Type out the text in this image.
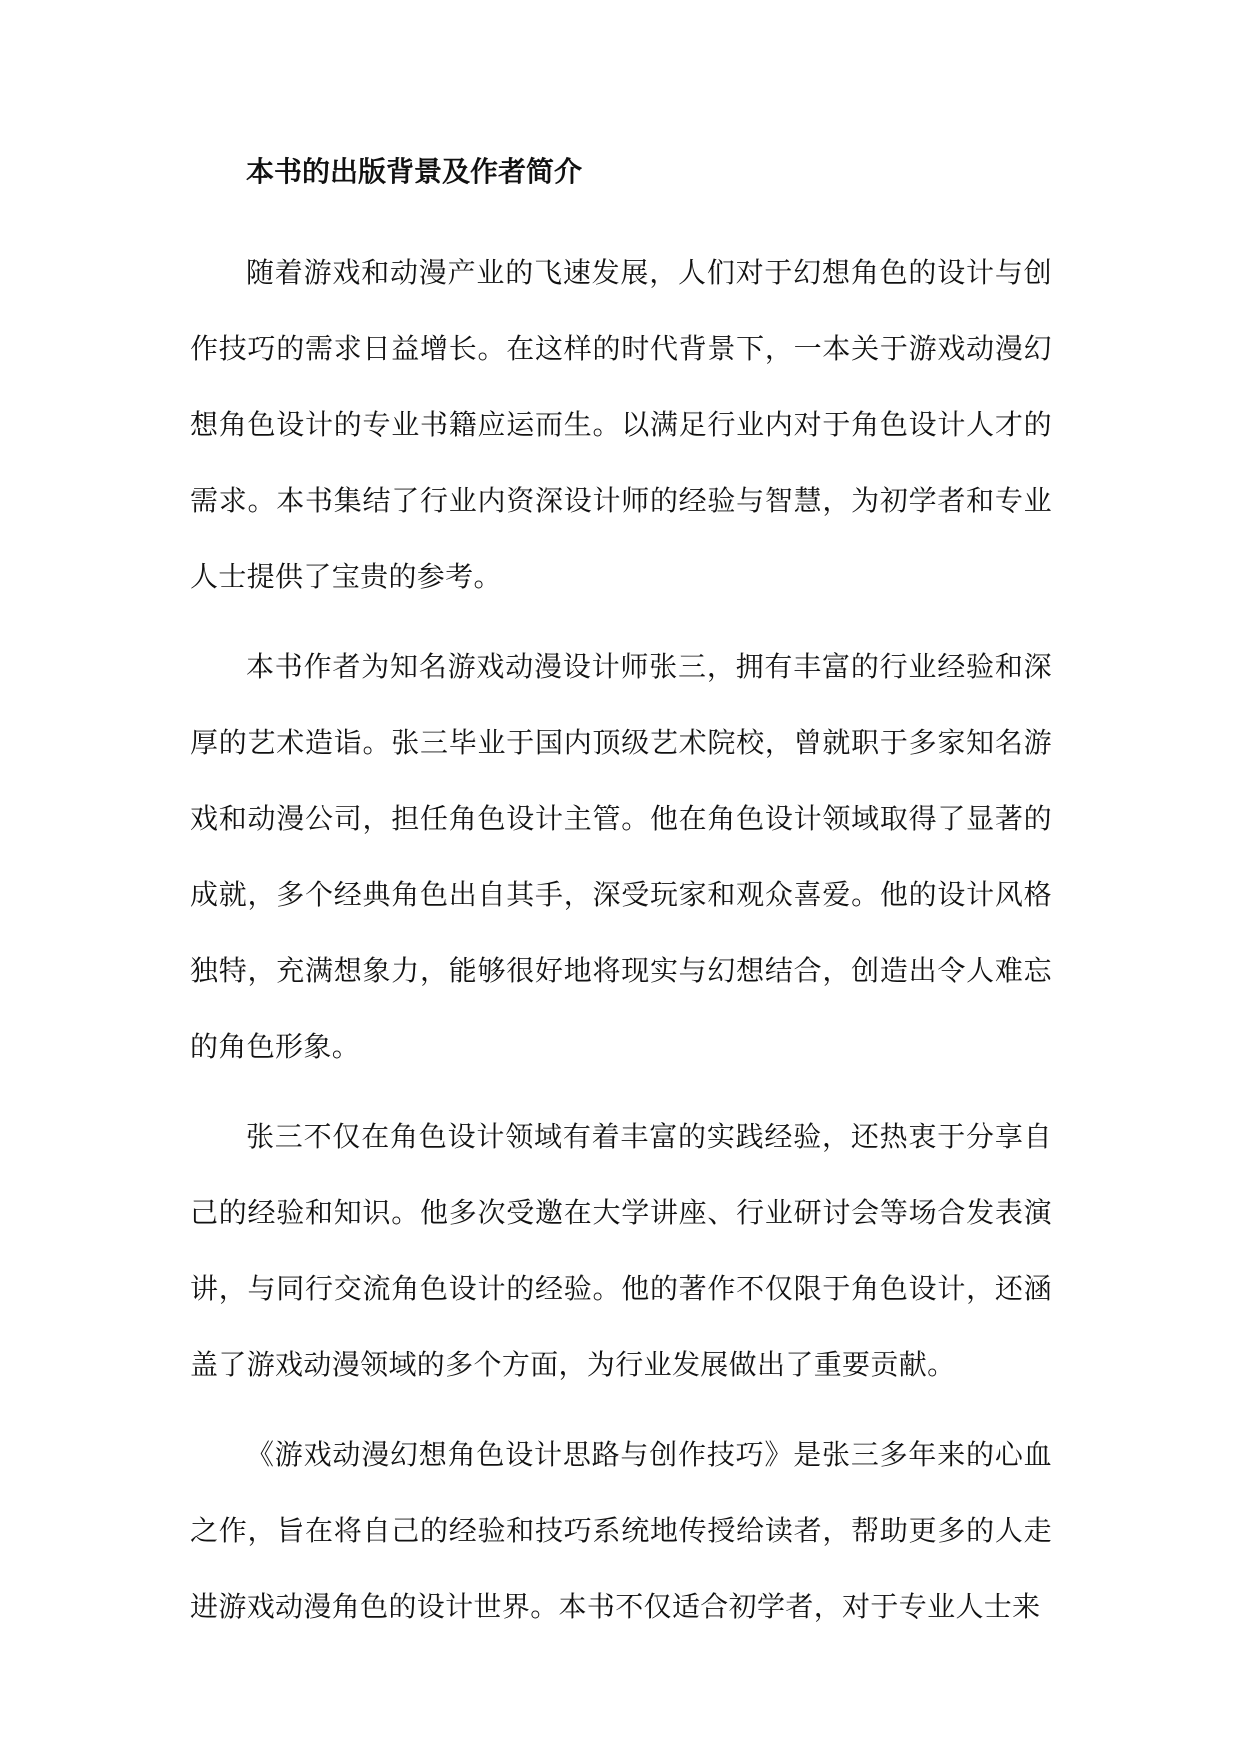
本书的出版背景及作者简介

随着游戏和动漫产业的飞速发展，人们对于幻想角色的设计与创作技巧的需求日益增长。在这样的时代背景下，一本关于游戏动漫幻想角色设计的专业书籍应运而生。以满足行业内对于角色设计人才的需求。本书集结了行业内资深设计师的经验与智慧，为初学者和专业人士提供了宝贵的参考。

本书作者为知名游戏动漫设计师张三，拥有丰富的行业经验和深厚的艺术造诣。张三毕业于国内顶级艺术院校，曾就职于多家知名游戏和动漫公司，担任角色设计主管。他在角色设计领域取得了显著的成就，多个经典角色出自其手，深受玩家和观众喜爱。他的设计风格独特，充满想象力，能够很好地将现实与幻想结合，创造出令人难忘的角色形象。

张三不仅在角色设计领域有着丰富的实践经验，还热衷于分享自己的经验和知识。他多次受邀在大学讲座、行业研讨会等场合发表演讲，与同行交流角色设计的经验。他的著作不仅限于角色设计，还涵盖了游戏动漫领域的多个方面，为行业发展做出了重要贡献。

《游戏动漫幻想角色设计思路与创作技巧》是张三多年来的心血之作，旨在将自己的经验和技巧系统地传授给读者，帮助更多的人走进游戏动漫角色的设计世界。本书不仅适合初学者，对于专业人士来
